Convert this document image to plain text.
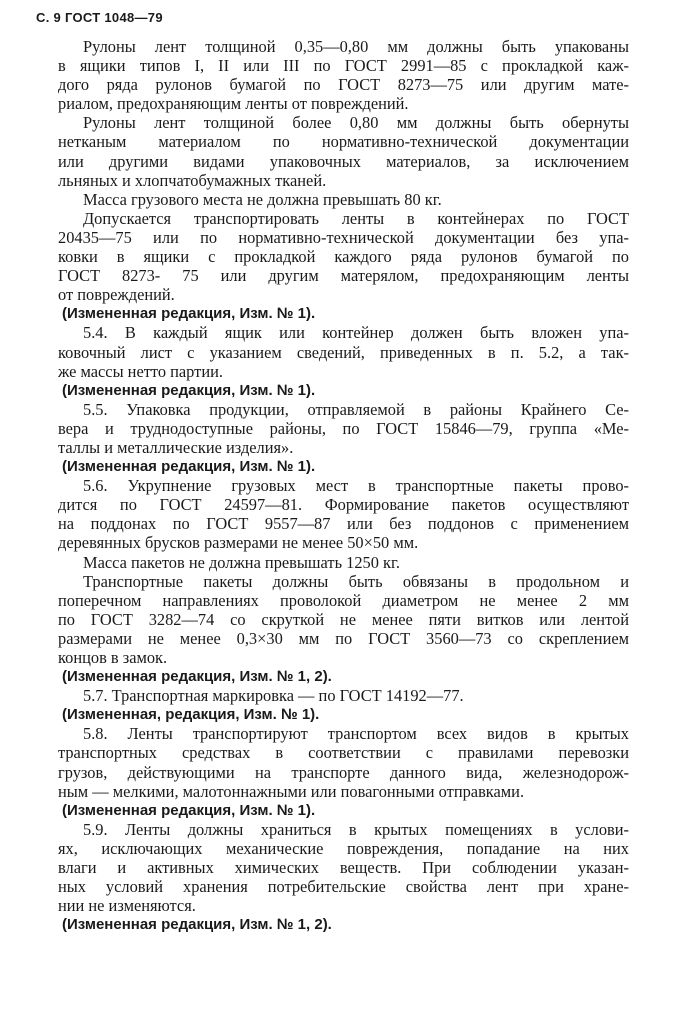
С. 9 ГОСТ 1048—79
Рулоны лент толщиной 0,35—0,80 мм должны быть упакованы
в ящики типов I, II или III по ГОСТ 2991—85 с прокладкой каж-
дого ряда рулонов бумагой по ГОСТ 8273—75 или другим мате-
риалом, предохраняющим ленты от повреждений.
Рулоны лент толщиной более 0,80 мм должны быть обернуты
нетканым материалом по нормативно-технической документации
или другими видами упаковочных материалов, за исключением
льняных и хлопчатобумажных тканей.
Масса грузового места не должна превышать 80 кг.
Допускается транспортировать ленты в контейнерах по ГОСТ
20435—75 или по нормативно-технической документации без упа-
ковки в ящики с прокладкой каждого ряда рулонов бумагой по
ГОСТ 8273- 75 или другим матерялом, предохраняющим ленты
от повреждений.
(Измененная редакция, Изм. № 1).
5.4. В каждый ящик или контейнер должен быть вложен упа-
ковочный лист с указанием сведений, приведенных в п. 5.2, а так-
же массы нетто партии.
(Измененная редакция, Изм. № 1).
5.5. Упаковка продукции, отправляемой в районы Крайнего Се-
вера и труднодоступные районы, по ГОСТ 15846—79, группа «Ме-
таллы и металлические изделия».
(Измененная редакция, Изм. № 1).
5.6. Укрупнение грузовых мест в транспортные пакеты прово-
дится по ГОСТ 24597—81. Формирование пакетов осуществляют
на поддонах по ГОСТ 9557—87 или без поддонов с применением
деревянных брусков размерами не менее 50×50 мм.
Масса пакетов не должна превышать 1250 кг.
Транспортные пакеты должны быть обвязаны в продольном и
поперечном направлениях проволокой диаметром не менее 2 мм
по ГОСТ 3282—74 со скруткой не менее пяти витков или лентой
размерами не менее 0,3×30 мм по ГОСТ 3560—73 со скреплением
концов в замок.
(Измененная редакция, Изм. № 1, 2).
5.7. Транспортная маркировка — по ГОСТ 14192—77.
(Измененная, редакция, Изм. № 1).
5.8. Ленты транспортируют транспортом всех видов в крытых
транспортных средствах в соответствии с правилами перевозки
грузов, действующими на транспорте данного вида, железнодорож-
ным — мелкими, малотоннажными или повагонными отправками.
(Измененная редакция, Изм. № 1).
5.9. Ленты должны храниться в крытых помещениях в услови-
ях, исключающих механические повреждения, попадание на них
влаги и активных химических веществ. При соблюдении указан-
ных условий хранения потребительские свойства лент при хране-
нии не изменяются.
(Измененная редакция, Изм. № 1, 2).
